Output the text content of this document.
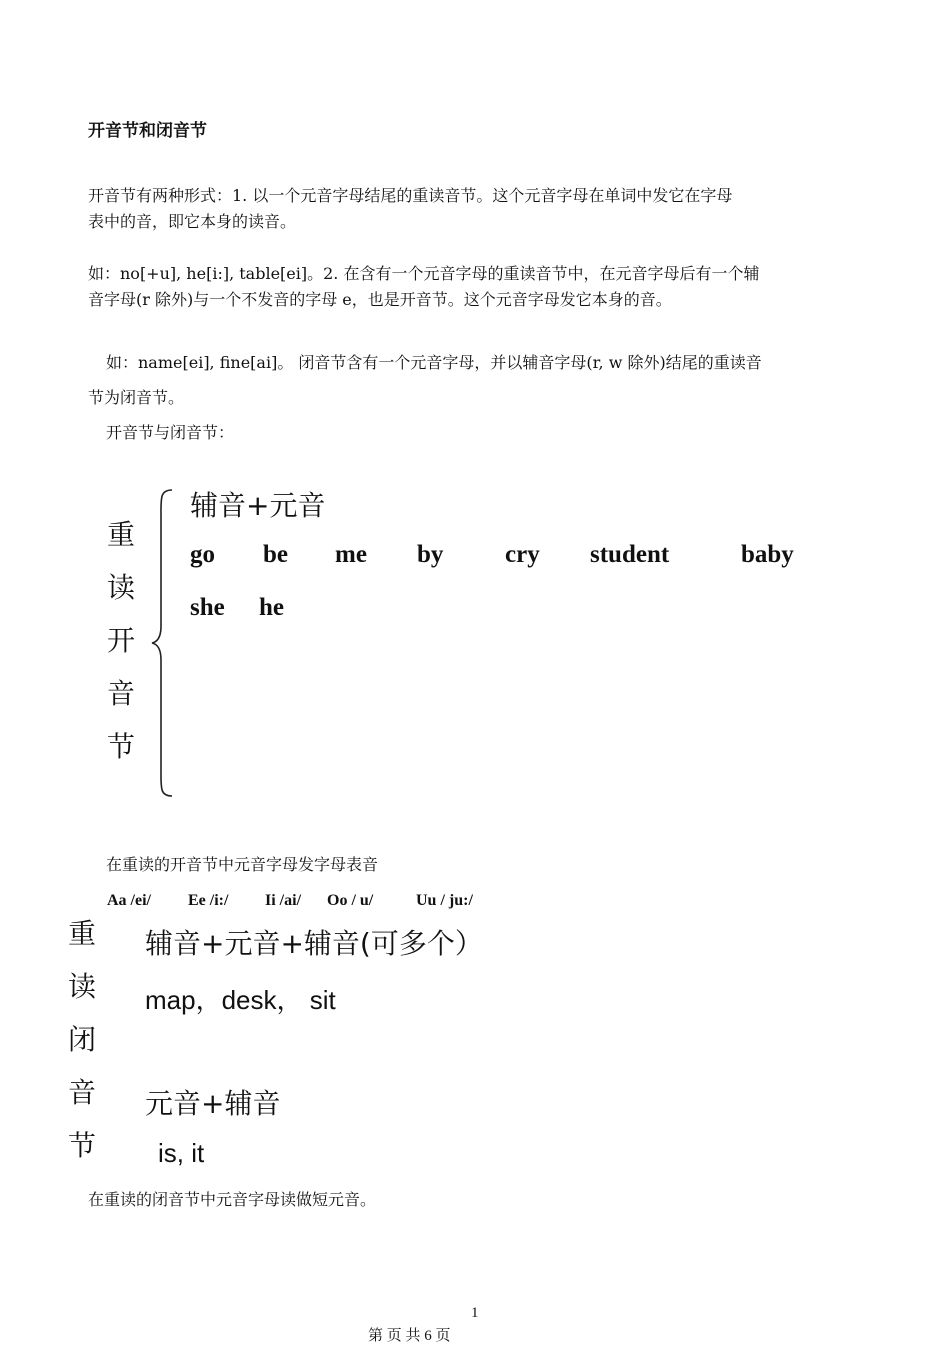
开音节和闭音节
开音节有两种形式：1. 以一个元音字母结尾的重读音节。这个元音字母在单词中发它在字母
表中的音，即它本身的读音。
如：no[+u], he[i:], table[ei]。2. 在含有一个元音字母的重读音节中，在元音字母后有一个辅
音字母(r 除外)与一个不发音的字母 e，也是开音节。这个元音字母发它本身的音。
如：name[ei], fine[ai]。 闭音节含有一个元音字母，并以辅音字母(r, w 除外)结尾的重读音
节为闭音节。
开音节与闭音节：
重
读
开
音
节
辅音+元音
go be me by cry student	baby
she he
在重读的开音节中元音字母发字母表音
Aa /ei/ Ee /i:/ Ii /ai/ Oo / u/	Uu / ju:/
重
读
闭
音
节
辅音+元音+辅音(可多个）
map，desk， sit
元音+辅音
is, it
在重读的闭音节中元音字母读做短元音。
1
第 页 共 6 页
